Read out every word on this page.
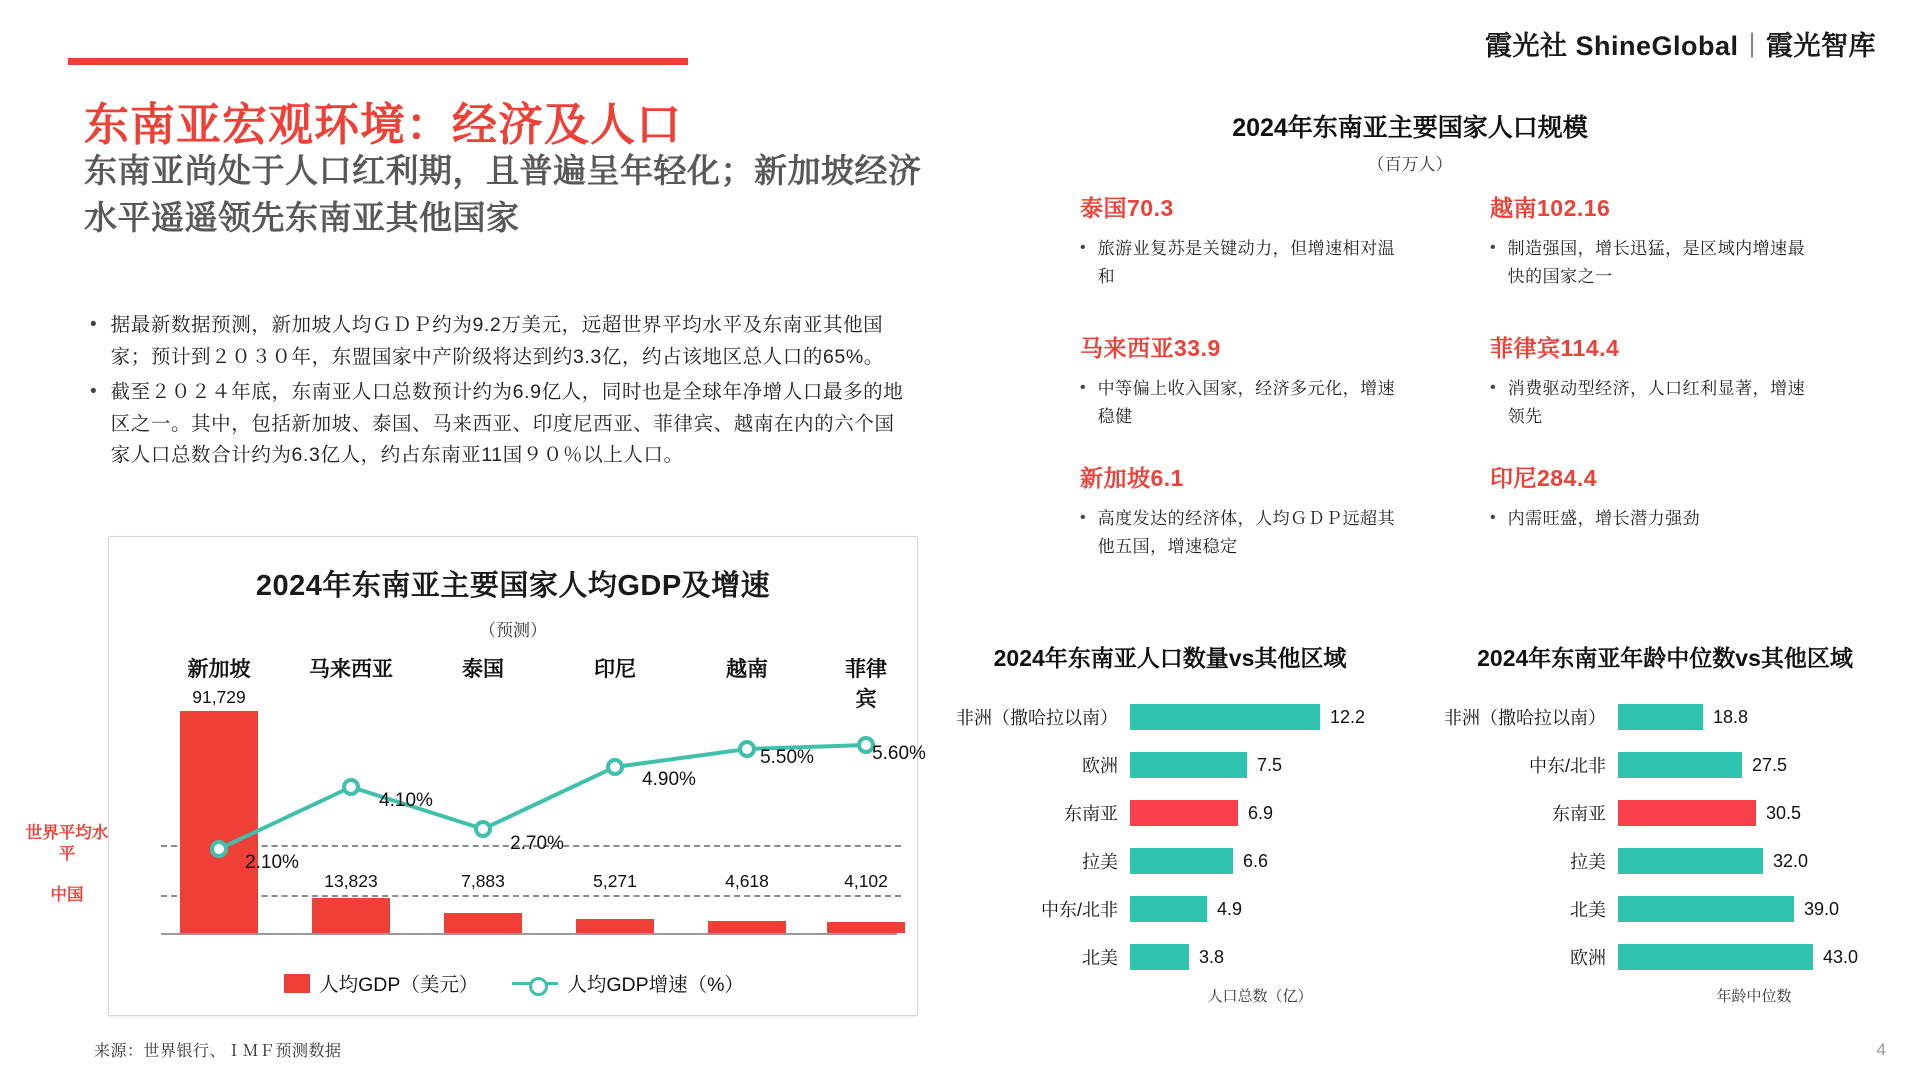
霞光社 ShineGlobal | 霞光智库
东南亚宏观环境：经济及人口
东南亚尚处于人口红利期，且普遍呈年轻化；新加坡经济水平遥遥领先东南亚其他国家
• 据最新数据预测，新加坡人均ＧＤＰ约为9.2万美元，远超世界平均水平及东南亚其他国家；预计到２０３０年，东盟国家中产阶级将达到约3.3亿，约占该地区总人口的65%。
• 截至２０２４年底，东南亚人口总数预计约为6.9亿人，同时也是全球年净增人口最多的地区之一。其中，包括新加坡、泰国、马来西亚、印度尼西亚、菲律宾、越南在内的六个国家人口总数合计约为6.3亿人，约占东南亚11国９０％以上人口。
2024年东南亚主要国家人均GDP及增速
（预测）
新加坡	马来西亚	泰国	印尼	越南	菲律宾
91,729
13,823	7,883	5,271	4,618	4,102
世界平均水平
中国
2.10%
4.10%
2.70%
4.90%
5.50%	5.60%
人均GDP（美元）	人均GDP增速（%）
来源：世界银行、ＩＭＦ预测数据	4
2024年东南亚主要国家人口规模
（百万人）
泰国70.3
• 旅游业复苏是关键动力，但增速相对温和
越南102.16
• 制造强国，增长迅猛，是区域内增速最快的国家之一
马来西亚33.9
• 中等偏上收入国家，经济多元化，增速稳健
菲律宾114.4
• 消费驱动型经济，人口红利显著，增速领先
新加坡6.1
• 高度发达的经济体，人均ＧＤＰ远超其他五国，增速稳定
印尼284.4
• 内需旺盛，增长潜力强劲
2024年东南亚人口数量vs其他区域
非洲（撒哈拉以南）	12.2
欧洲	7.5
东南亚	6.9
拉美	6.6
中东/北非	4.9
北美	3.8
人口总数（亿）
2024年东南亚年龄中位数vs其他区域
非洲（撒哈拉以南）	18.8
中东/北非	27.5
东南亚	30.5
拉美	32.0
北美	39.0
欧洲	43.0
年龄中位数
